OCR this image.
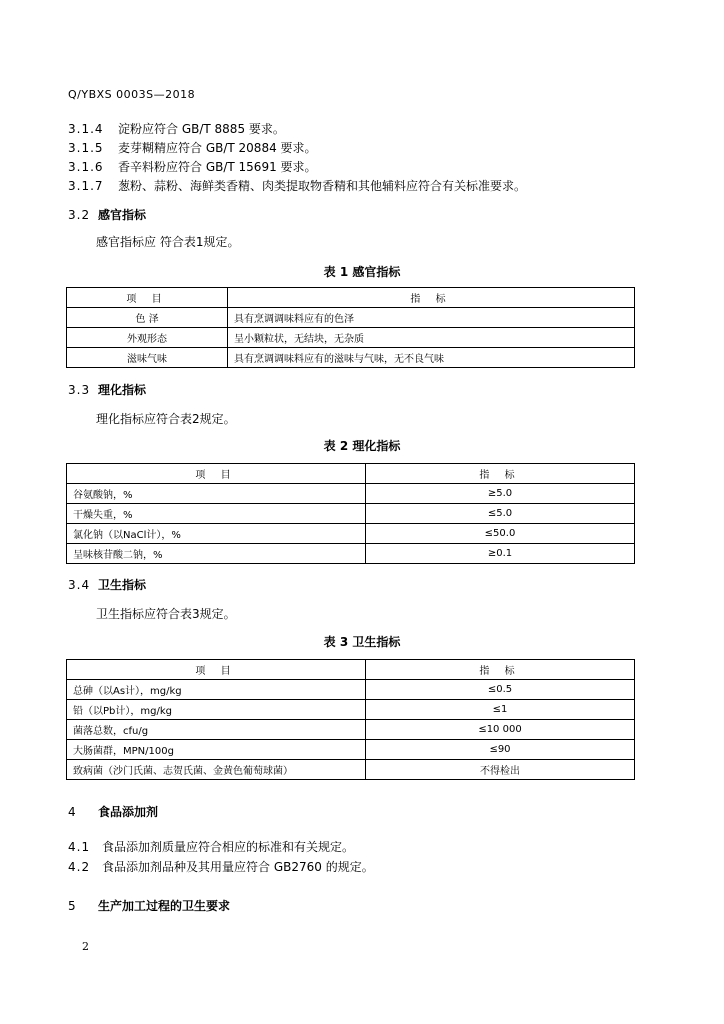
Q/YBXS 0003S—2018
3.1.4 淀粉应符合 GB/T 8885 要求。
3.1.5 麦芽糊精应符合 GB/T 20884 要求。
3.1.6 香辛料粉应符合 GB/T 15691 要求。
3.1.7 葱粉、蒜粉、海鲜类香精、肉类提取物香精和其他辅料应符合有关标准要求。
3.2 感官指标
感官指标应 符合表1规定。
表 1 感官指标
项 目	指 标
色 泽	具有烹调调味料应有的色泽
外观形态	呈小颗粒状，无结块，无杂质
滋味气味	具有烹调调味料应有的滋味与气味，无不良气味
3.3 理化指标
理化指标应符合表2规定。
表 2 理化指标
项 目	指 标
谷氨酸钠，%	≥5.0
干燥失重，%	≤5.0
氯化钠（以NaCl计），%	≤50.0
呈味核苷酸二钠，%	≥0.1
3.4 卫生指标
卫生指标应符合表3规定。
表 3 卫生指标
项 目	指 标
总砷（以As计），mg/kg	≤0.5
铅（以Pb计），mg/kg	≤1
菌落总数，cfu/g	≤10 000
大肠菌群，MPN/100g	≤90
致病菌（沙门氏菌、志贺氏菌、金黄色葡萄球菌）	不得检出
4 食品添加剂
4.1 食品添加剂质量应符合相应的标准和有关规定。
4.2 食品添加剂品种及其用量应符合 GB2760 的规定。
5 生产加工过程的卫生要求
2
